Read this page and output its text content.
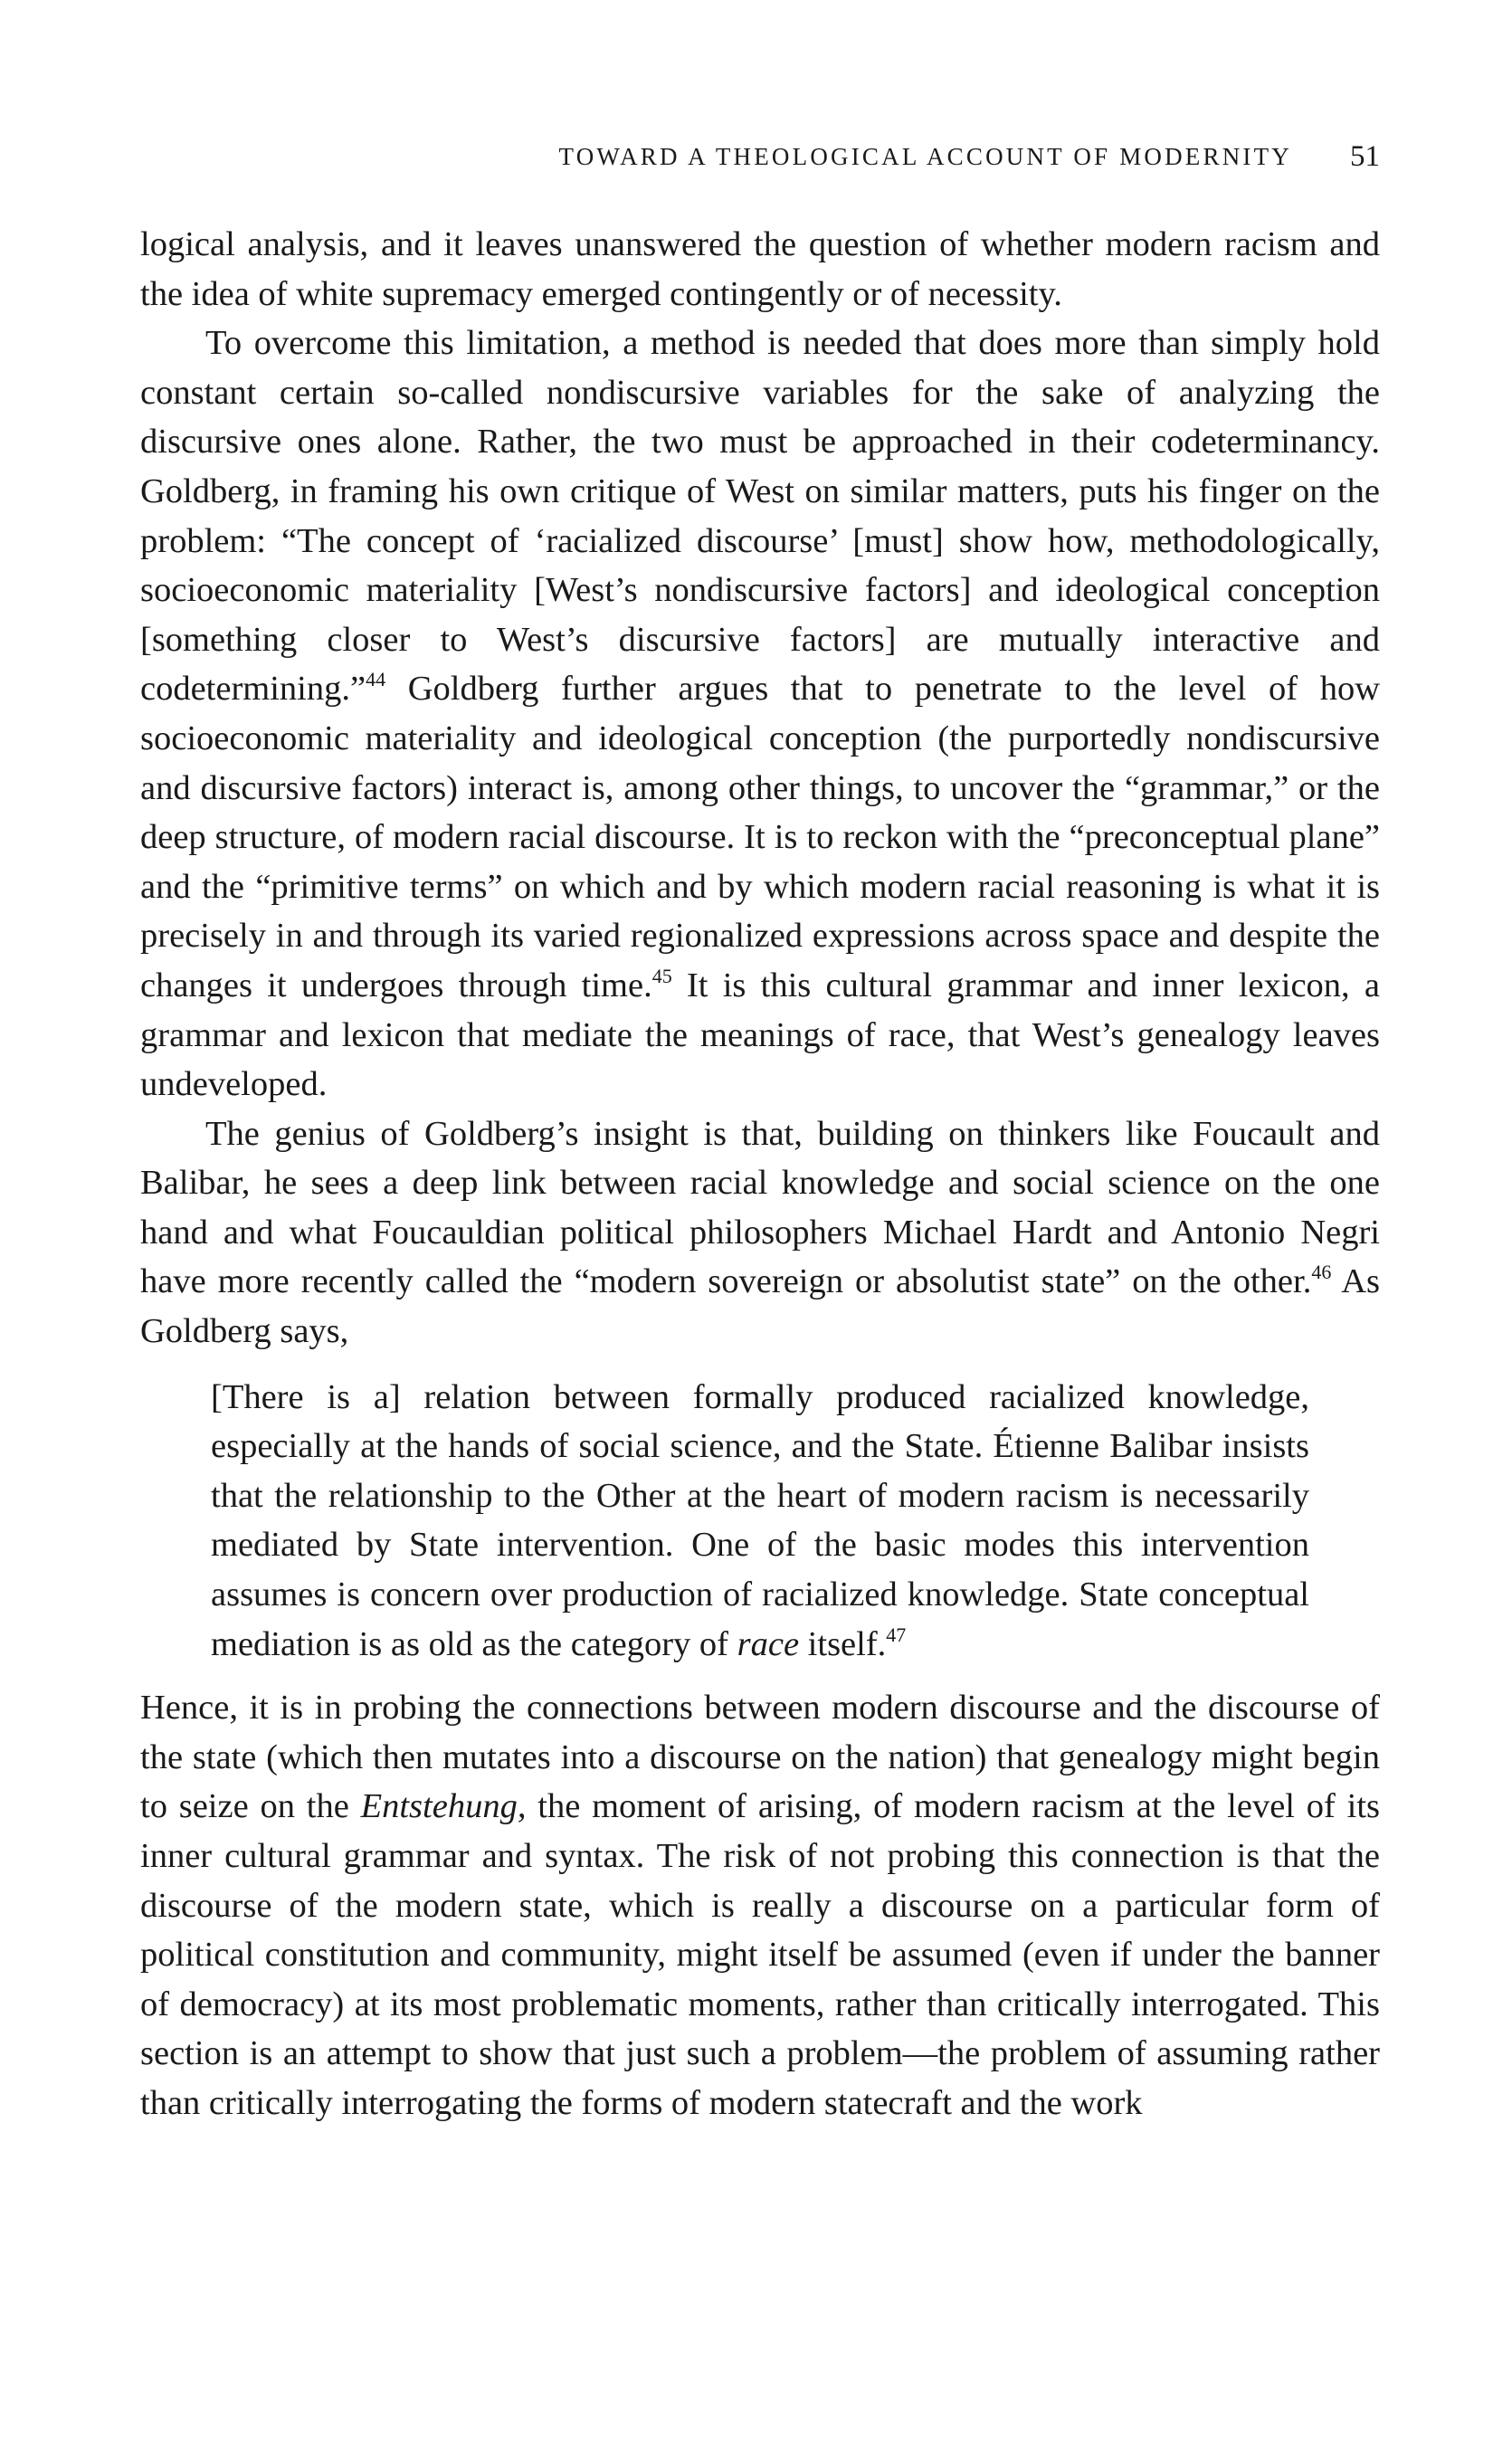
TOWARD A THEOLOGICAL ACCOUNT OF MODERNITY 51

logical analysis, and it leaves unanswered the question of whether modern racism and the idea of white supremacy emerged contingently or of necessity.

To overcome this limitation, a method is needed that does more than simply hold constant certain so-called nondiscursive variables for the sake of analyzing the discursive ones alone. Rather, the two must be approached in their codeterminancy. Goldberg, in framing his own critique of West on similar matters, puts his finger on the problem: “The concept of ‘racialized discourse’ [must] show how, methodologically, socioeconomic materiality [West’s nondiscursive factors] and ideological conception [something closer to West’s discursive factors] are mutually interactive and codetermining.”$^{44}$ Goldberg further argues that to penetrate to the level of how socioeconomic materiality and ideological conception (the purportedly nondiscursive and discursive factors) interact is, among other things, to uncover the “grammar,” or the deep structure, of modern racial discourse. It is to reckon with the “preconceptual plane” and the “primitive terms” on which and by which modern racial reasoning is what it is precisely in and through its varied regionalized expressions across space and despite the changes it undergoes through time.$^{45}$ It is this cultural grammar and inner lexicon, a grammar and lexicon that mediate the meanings of race, that West’s genealogy leaves undeveloped.

The genius of Goldberg’s insight is that, building on thinkers like Foucault and Balibar, he sees a deep link between racial knowledge and social science on the one hand and what Foucauldian political philosophers Michael Hardt and Antonio Negri have more recently called the “modern sovereign or absolutist state” on the other.$^{46}$ As Goldberg says,

[There is a] relation between formally produced racialized knowledge, especially at the hands of social science, and the State. Étienne Balibar insists that the relationship to the Other at the heart of modern racism is necessarily mediated by State intervention. One of the basic modes this intervention assumes is concern over production of racialized knowledge. State conceptual mediation is as old as the category of race itself.$^{47}$

Hence, it is in probing the connections between modern discourse and the discourse of the state (which then mutates into a discourse on the nation) that genealogy might begin to seize on the Entstehung, the moment of arising, of modern racism at the level of its inner cultural grammar and syntax. The risk of not probing this connection is that the discourse of the modern state, which is really a discourse on a particular form of political constitution and community, might itself be assumed (even if under the banner of democracy) at its most problematic moments, rather than critically interrogated. This section is an attempt to show that just such a problem—the problem of assuming rather than critically interrogating the forms of modern statecraft and the work
